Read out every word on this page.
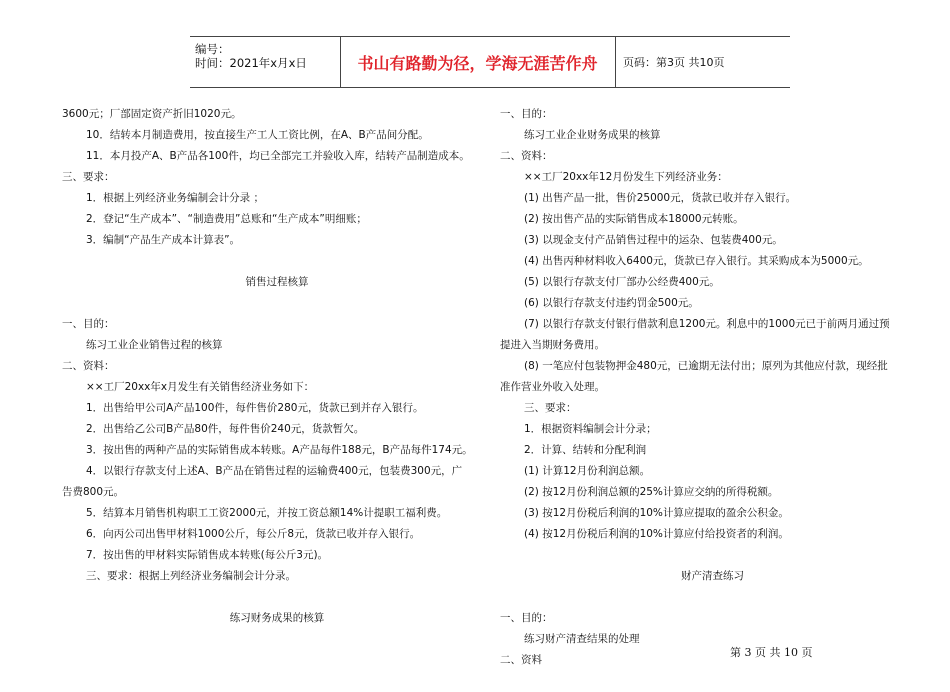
编号：
时间：2021年x月x日	书山有路勤为径，学海无涯苦作舟	页码：第3页 共10页
3600元；厂部固定资产折旧1020元。
10．结转本月制造费用，按直接生产工人工资比例，在A、B产品间分配。
11．本月投产A、B产品各100件，均已全部完工并验收入库，结转产品制造成本。
三、要求：
1．根据上列经济业务编制会计分录 ；
2．登记“生产成本”、“制造费用”总账和“生产成本”明细账；
3．编制“产品生产成本计算表”。
销售过程核算
一、目的：
练习工业企业销售过程的核算
二、资料：
××工厂20xx年x月发生有关销售经济业务如下：
1．出售给甲公司A产品100件，每件售价280元，货款已到并存入银行。
2．出售给乙公司B产品80件，每件售价240元，货款暂欠。
3．按出售的两种产品的实际销售成本转账。A产品每件188元，B产品每件174元。
4．以银行存款支付上述A、B产品在销售过程的运输费400元，包装费300元，广
告费800元。
5．结算本月销售机构职工工资2000元，并按工资总额14%计提职工福利费。
6．向丙公司出售甲材料1000公斤，每公斤8元，货款已收并存入银行。
7．按出售的甲材料实际销售成本转账(每公斤3元)。
三、要求：根据上列经济业务编制会计分录。
练习财务成果的核算
一、目的：
练习工业企业财务成果的核算
二、资料：
××工厂20xx年12月份发生下列经济业务：
(1) 出售产品一批，售价25000元，货款已收并存入银行。
(2) 按出售产品的实际销售成本18000元转账。
(3) 以现金支付产品销售过程中的运杂、包装费400元。
(4) 出售丙种材料收入6400元，货款已存入银行。其采购成本为5000元。
(5) 以银行存款支付厂部办公经费400元。
(6) 以银行存款支付违约罚金500元。
(7) 以银行存款支付银行借款利息1200元。利息中的1000元已于前两月通过预
提进入当期财务费用。
(8) 一笔应付包装物押金480元，已逾期无法付出；原列为其他应付款，现经批
准作营业外收入处理。
三、要求：
1．根据资料编制会计分录；
2．计算、结转和分配利润
(1) 计算12月份利润总额。
(2) 按12月份利润总额的25%计算应交纳的所得税额。
(3) 按12月份税后利润的10%计算应提取的盈余公积金。
(4) 按12月份税后利润的10%计算应付给投资者的利润。
财产清查练习
一、目的：
练习财产清查结果的处理
二、资料
第 3 页 共 10 页
